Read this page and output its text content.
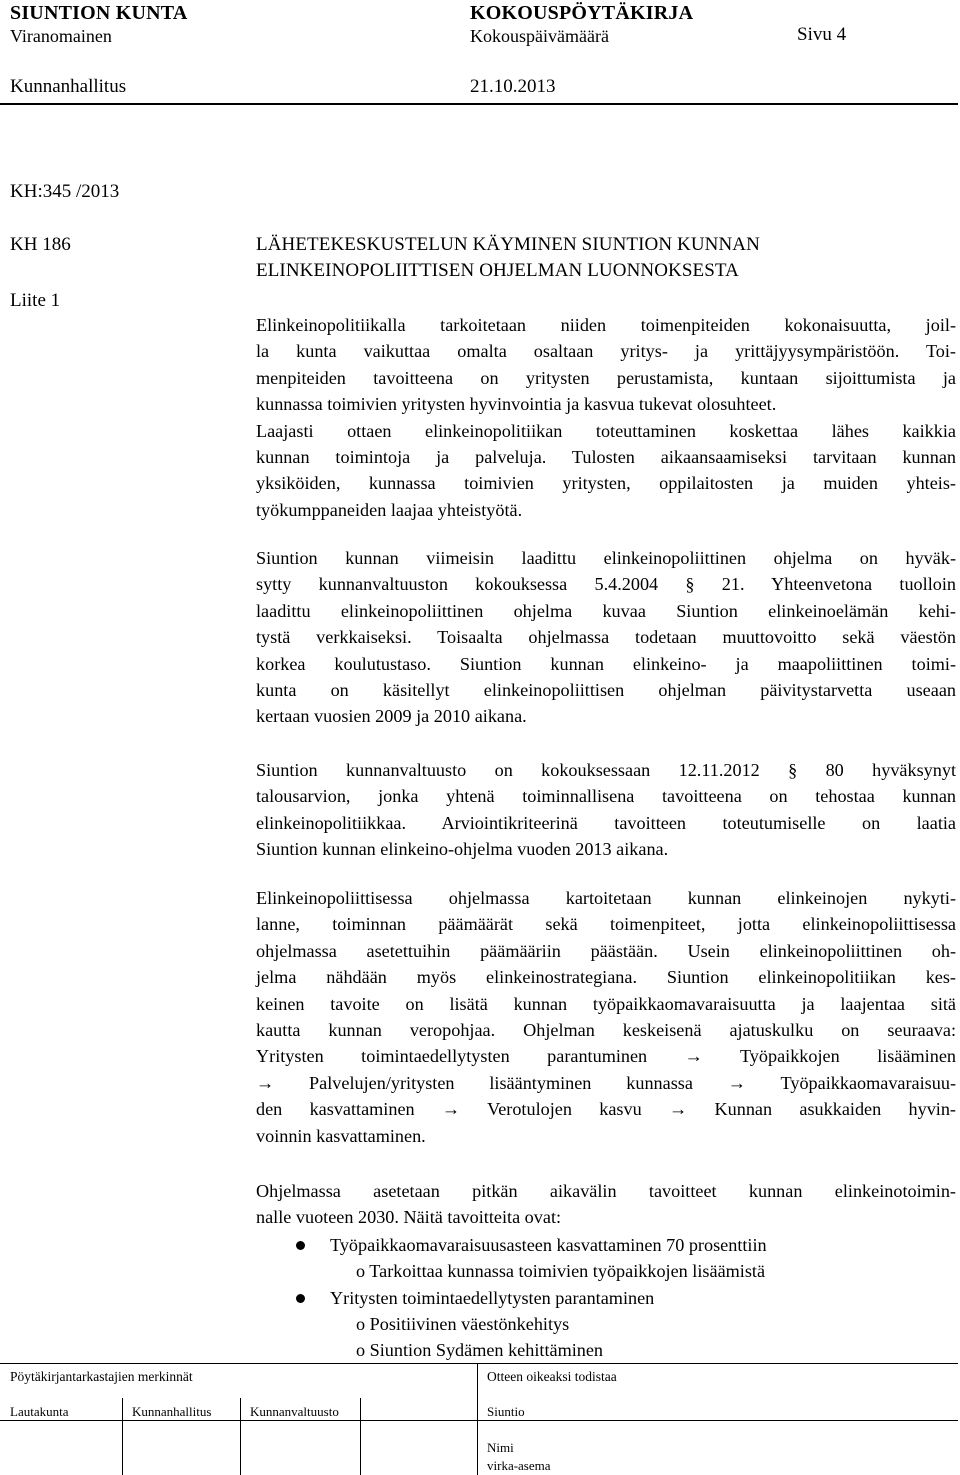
SIUNTION KUNTA	KOKOUSPÖYTÄKIRJA
Viranomainen	Kokouspäivämäärä	Sivu 4
Kunnanhallitus	21.10.2013
KH:345 /2013
KH 186
Liite 1
LÄHETEKESKUSTELUN KÄYMINEN SIUNTION KUNNAN
ELINKEINOPOLIITTISEN OHJELMAN LUONNOKSESTA
Elinkeinopolitiikalla tarkoitetaan niiden toimenpiteiden kokonaisuutta, joil-
la kunta vaikuttaa omalta osaltaan yritys- ja yrittäjyysympäristöön. Toi-
menpiteiden tavoitteena on yritysten perustamista, kuntaan sijoittumista ja
kunnassa toimivien yritysten hyvinvointia ja kasvua tukevat olosuhteet.
Laajasti ottaen elinkeinopolitiikan toteuttaminen koskettaa lähes kaikkia
kunnan toimintoja ja palveluja. Tulosten aikaansaamiseksi tarvitaan kunnan
yksiköiden, kunnassa toimivien yritysten, oppilaitosten ja muiden yhteis-
työkumppaneiden laajaa yhteistyötä.
Siuntion kunnan viimeisin laadittu elinkeinopoliittinen ohjelma on hyväk-
sytty kunnanvaltuuston kokouksessa 5.4.2004 § 21. Yhteenvetona tuolloin
laadittu elinkeinopoliittinen ohjelma kuvaa Siuntion elinkeinoelämän kehi-
tystä verkkaiseksi. Toisaalta ohjelmassa todetaan muuttovoitto sekä väestön
korkea koulutustaso. Siuntion kunnan elinkeino- ja maapoliittinen toimi-
kunta on käsitellyt elinkeinopoliittisen ohjelman päivitystarvetta useaan
kertaan vuosien 2009 ja 2010 aikana.
Siuntion kunnanvaltuusto on kokouksessaan 12.11.2012 § 80 hyväksynyt
talousarvion, jonka yhtenä toiminnallisena tavoitteena on tehostaa kunnan
elinkeinopolitiikkaa. Arviointikriteerinä tavoitteen toteutumiselle on laatia
Siuntion kunnan elinkeino-ohjelma vuoden 2013 aikana.
Elinkeinopoliittisessa ohjelmassa kartoitetaan kunnan elinkeinojen nykyti-
lanne, toiminnan päämäärät sekä toimenpiteet, jotta elinkeinopoliittisessa
ohjelmassa asetettuihin päämääriin päästään. Usein elinkeinopoliittinen oh-
jelma nähdään myös elinkeinostrategiana. Siuntion elinkeinopolitiikan kes-
keinen tavoite on lisätä kunnan työpaikkaomavaraisuutta ja laajentaa sitä
kautta kunnan veropohjaa. Ohjelman keskeisenä ajatuskulku on seuraava:
Yritysten toimintaedellytysten parantuminen → Työpaikkojen lisääminen
→ Palvelujen/yritysten lisääntyminen kunnassa → Työpaikkaomavaraisuu-
den kasvattaminen → Verotulojen kasvu → Kunnan asukkaiden hyvin-
voinnin kasvattaminen.
Ohjelmassa asetetaan pitkän aikavälin tavoitteet kunnan elinkeinotoimin-
nalle vuoteen 2030. Näitä tavoitteita ovat:
Työpaikkaomavaraisuusasteen kasvattaminen 70 prosenttiin
o Tarkoittaa kunnassa toimivien työpaikkojen lisäämistä
Yritysten toimintaedellytysten parantaminen
o Positiivinen väestönkehitys
o Siuntion Sydämen kehittäminen
Pöytäkirjantarkastajien merkinnät	Otteen oikeaksi todistaa
Lautakunta	Kunnanhallitus	Kunnanvaltuusto	Siuntio
Nimi
virka-asema
